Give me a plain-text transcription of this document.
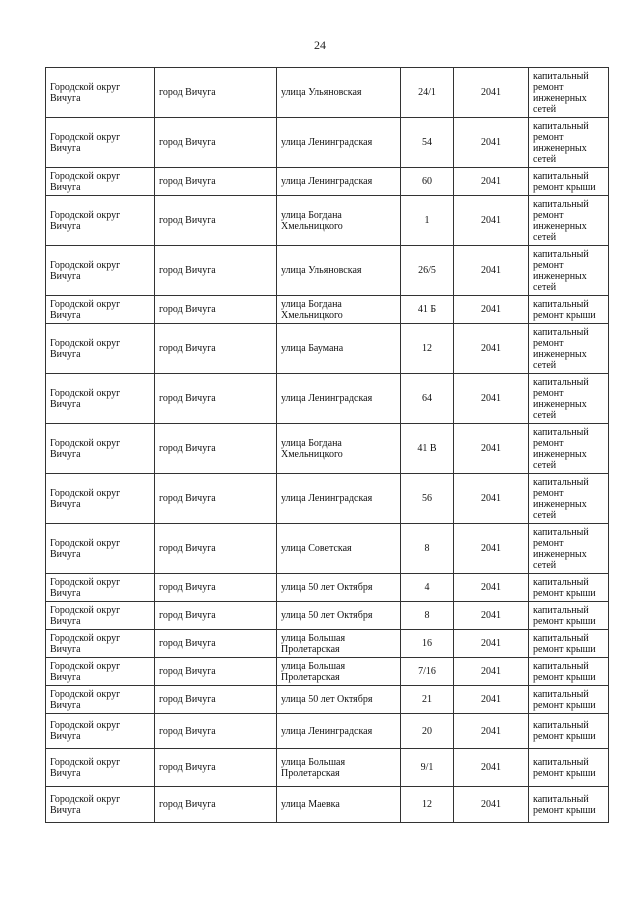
24
Городской округ Вичуга	город Вичуга	улица Ульяновская	24/1	2041	капитальный ремонт инженерных сетей
Городской округ Вичуга	город Вичуга	улица Ленинградская	54	2041	капитальный ремонт инженерных сетей
Городской округ Вичуга	город Вичуга	улица Ленинградская	60	2041	капитальный ремонт крыши
Городской округ Вичуга	город Вичуга	улица Богдана Хмельницкого	1	2041	капитальный ремонт инженерных сетей
Городской округ Вичуга	город Вичуга	улица Ульяновская	26/5	2041	капитальный ремонт инженерных сетей
Городской округ Вичуга	город Вичуга	улица Богдана Хмельницкого	41 Б	2041	капитальный ремонт крыши
Городской округ Вичуга	город Вичуга	улица Баумана	12	2041	капитальный ремонт инженерных сетей
Городской округ Вичуга	город Вичуга	улица Ленинградская	64	2041	капитальный ремонт инженерных сетей
Городской округ Вичуга	город Вичуга	улица Богдана Хмельницкого	41 В	2041	капитальный ремонт инженерных сетей
Городской округ Вичуга	город Вичуга	улица Ленинградская	56	2041	капитальный ремонт инженерных сетей
Городской округ Вичуга	город Вичуга	улица Советская	8	2041	капитальный ремонт инженерных сетей
Городской округ Вичуга	город Вичуга	улица 50 лет Октября	4	2041	капитальный ремонт крыши
Городской округ Вичуга	город Вичуга	улица 50 лет Октября	8	2041	капитальный ремонт крыши
Городской округ Вичуга	город Вичуга	улица Большая Пролетарская	16	2041	капитальный ремонт крыши
Городской округ Вичуга	город Вичуга	улица Большая Пролетарская	7/16	2041	капитальный ремонт крыши
Городской округ Вичуга	город Вичуга	улица 50 лет Октября	21	2041	капитальный ремонт крыши
Городской округ Вичуга	город Вичуга	улица Ленинградская	20	2041	капитальный ремонт крыши
Городской округ Вичуга	город Вичуга	улица Большая Пролетарская	9/1	2041	капитальный ремонт крыши
Городской округ Вичуга	город Вичуга	улица Маевка	12	2041	капитальный ремонт крыши
